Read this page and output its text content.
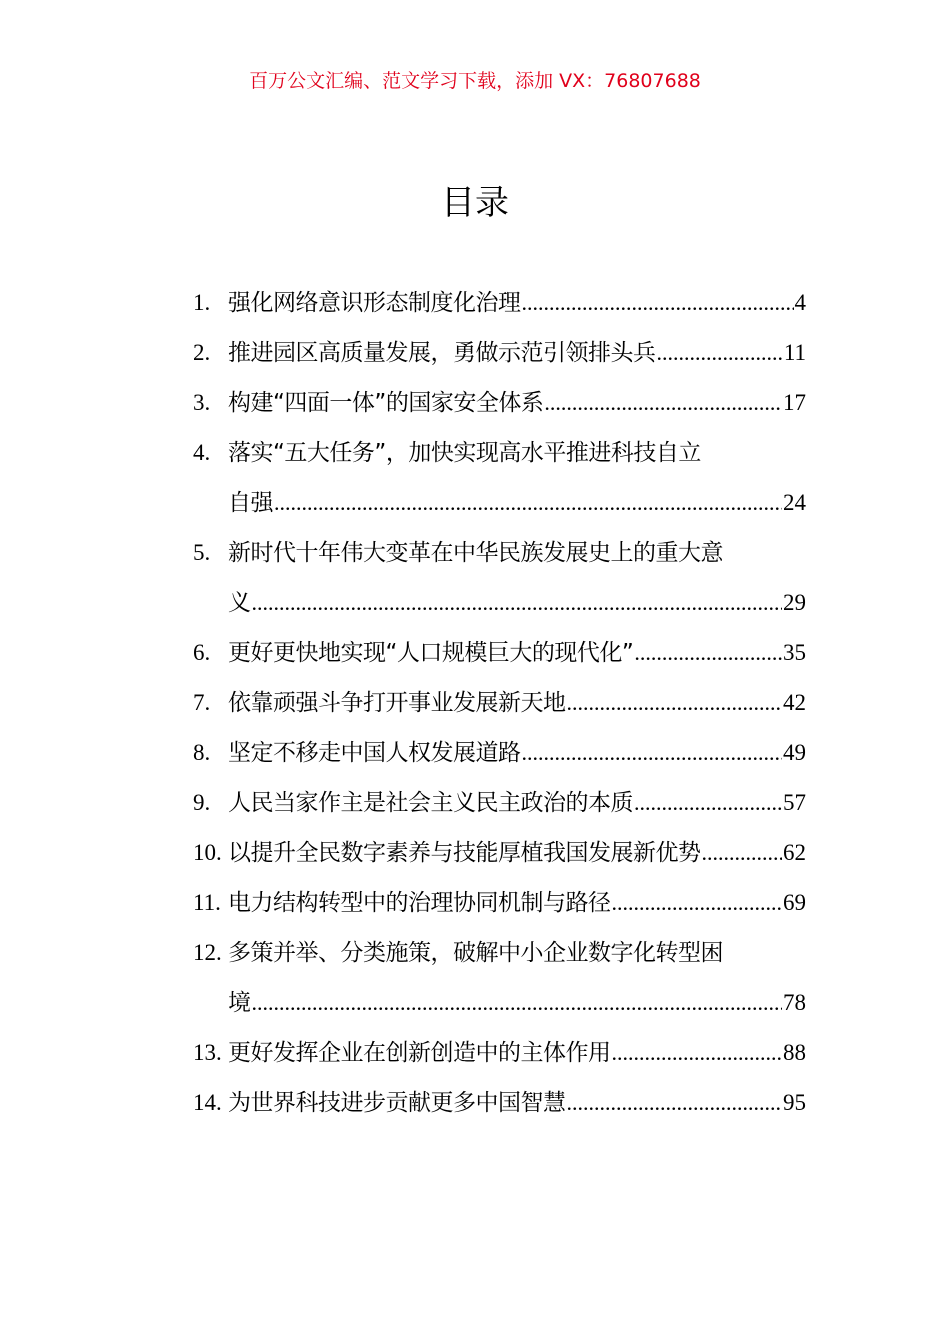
百万公文汇编、范文学习下载，添加 VX：76807688
目录
1. 强化网络意识形态制度化治理 .....	4
2. 推进园区高质量发展，勇做示范引领排头兵 .....	11
3. 构建“四面一体”的国家安全体系 .....	17
4. 落实“五大任务”，加快实现高水平推进科技自立
自强 .....	24
5. 新时代十年伟大变革在中华民族发展史上的重大意
义 .....	29
6. 更好更快地实现“人口规模巨大的现代化” .....	35
7. 依靠顽强斗争打开事业发展新天地 .....	42
8. 坚定不移走中国人权发展道路 .....	49
9. 人民当家作主是社会主义民主政治的本质 .....	57
10. 以提升全民数字素养与技能厚植我国发展新优势 .....	62
11. 电力结构转型中的治理协同机制与路径 .....	69
12. 多策并举、分类施策，破解中小企业数字化转型困
境 .....	78
13. 更好发挥企业在创新创造中的主体作用 .....	88
14. 为世界科技进步贡献更多中国智慧 .....	95
